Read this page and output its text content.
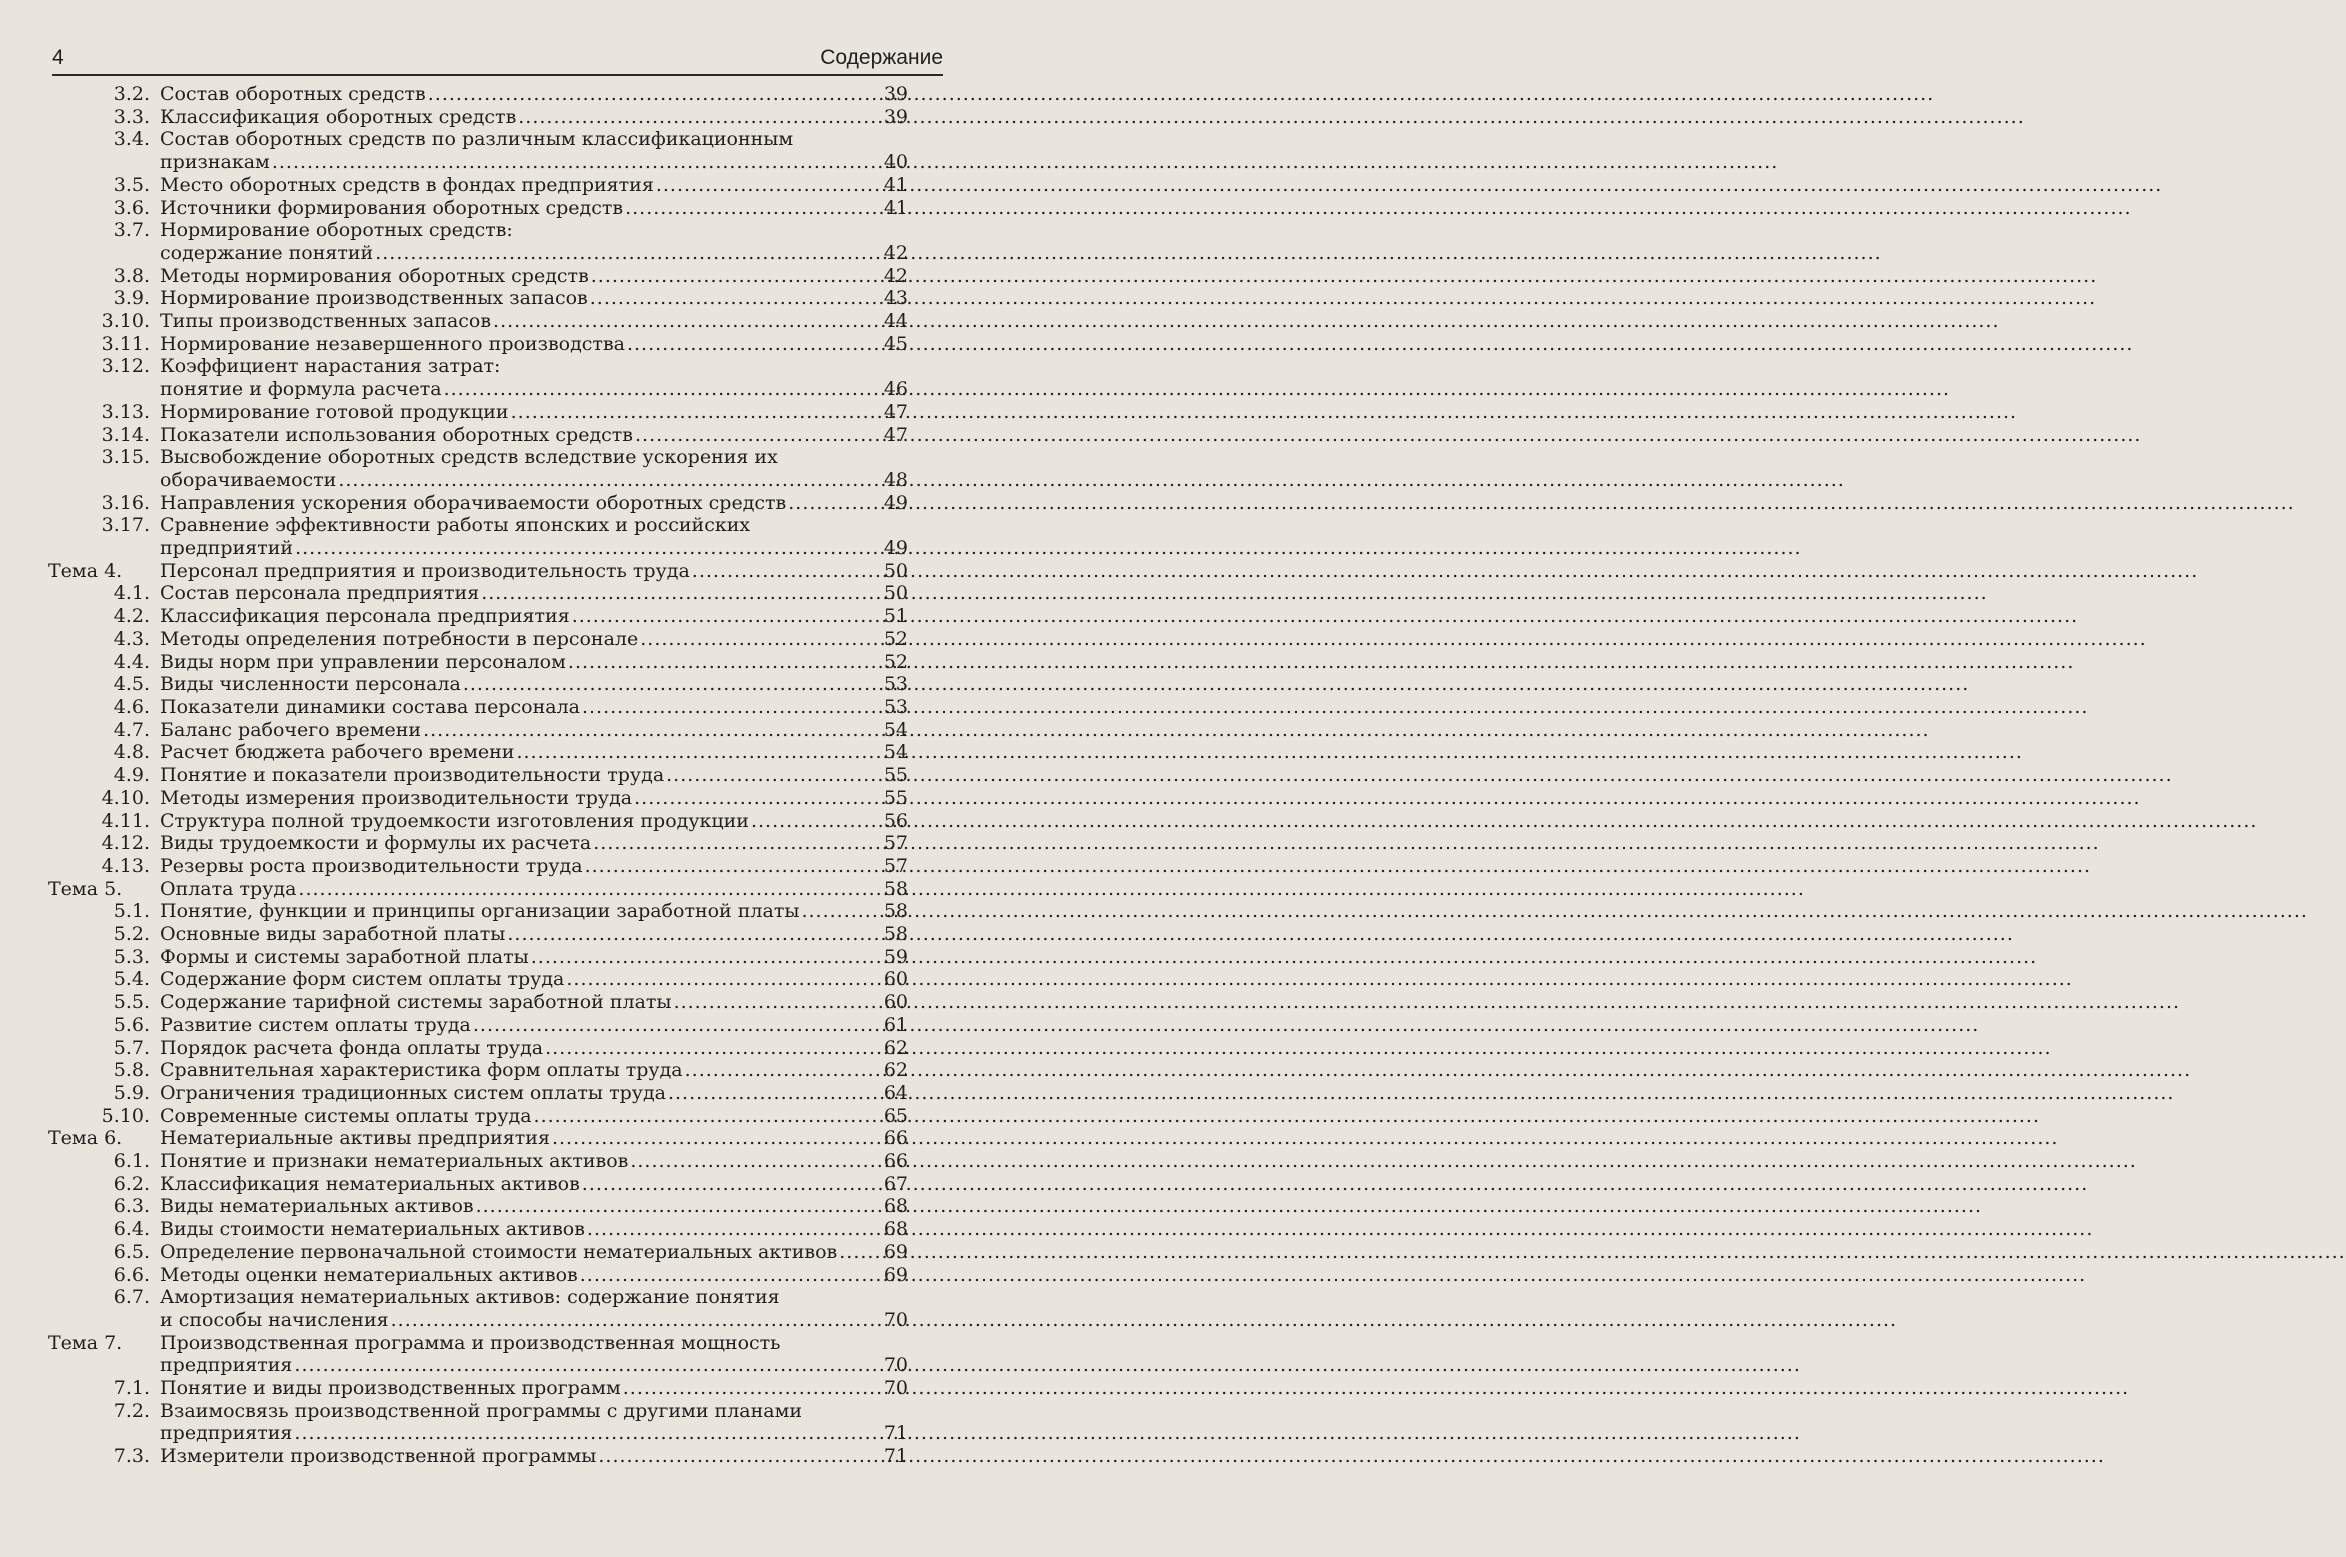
4	Содержание
3.2. Состав оборотных средств .....	39
3.3. Классификация оборотных средств .....	39
3.4. Состав оборотных средств по различным классификационным
признакам .....	40
3.5. Место оборотных средств в фондах предприятия .....	41
3.6. Источники формирования оборотных средств .....	41
3.7. Нормирование оборотных средств:
содержание понятий .....	42
3.8. Методы нормирования оборотных средств .....	42
3.9. Нормирование производственных запасов .....	43
3.10. Типы производственных запасов .....	44
3.11. Нормирование незавершенного производства .....	45
3.12. Коэффициент нарастания затрат:
понятие и формула расчета .....	46
3.13. Нормирование готовой продукции .....	47
3.14. Показатели использования оборотных средств .....	47
3.15. Высвобождение оборотных средств вследствие ускорения их
оборачиваемости .....	48
3.16. Направления ускорения оборачиваемости оборотных средств .....	49
3.17. Сравнение эффективности работы японских и российских
предприятий .....	49
Тема 4.	Персонал предприятия и производительность труда .....	50
4.1. Состав персонала предприятия .....	50
4.2. Классификация персонала предприятия .....	51
4.3. Методы определения потребности в персонале .....	52
4.4. Виды норм при управлении персоналом .....	52
4.5. Виды численности персонала .....	53
4.6. Показатели динамики состава персонала .....	53
4.7. Баланс рабочего времени .....	54
4.8. Расчет бюджета рабочего времени .....	54
4.9. Понятие и показатели производительности труда .....	55
4.10. Методы измерения производительности труда .....	55
4.11. Структура полной трудоемкости изготовления продукции .....	56
4.12. Виды трудоемкости и формулы их расчета .....	57
4.13. Резервы роста производительности труда .....	57
Тема 5.	Оплата труда .....	58
5.1. Понятие, функции и принципы организации заработной платы .....	58
5.2. Основные виды заработной платы .....	58
5.3. Формы и системы заработной платы .....	59
5.4. Содержание форм систем оплаты труда .....	60
5.5. Содержание тарифной системы заработной платы .....	60
5.6. Развитие систем оплаты труда .....	61
5.7. Порядок расчета фонда оплаты труда .....	62
5.8. Сравнительная характеристика форм оплаты труда .....	62
5.9. Ограничения традиционных систем оплаты труда .....	64
5.10. Современные системы оплаты труда .....	65
Тема 6.	Нематериальные активы предприятия .....	66
6.1. Понятие и признаки нематериальных активов .....	66
6.2. Классификация нематериальных активов .....	67
6.3. Виды нематериальных активов .....	68
6.4. Виды стоимости нематериальных активов .....	68
6.5. Определение первоначальной стоимости нематериальных активов ..... 69
6.6. Методы оценки нематериальных активов .....	69
6.7. Амортизация нематериальных активов: содержание понятия
и способы начисления .....	70
Тема 7.	Производственная программа и производственная мощность
предприятия .....	70
7.1. Понятие и виды производственных программ .....	70
7.2. Взаимосвязь производственной программы с другими планами
предприятия .....	71
7.3. Измерители производственной программы .....	71
